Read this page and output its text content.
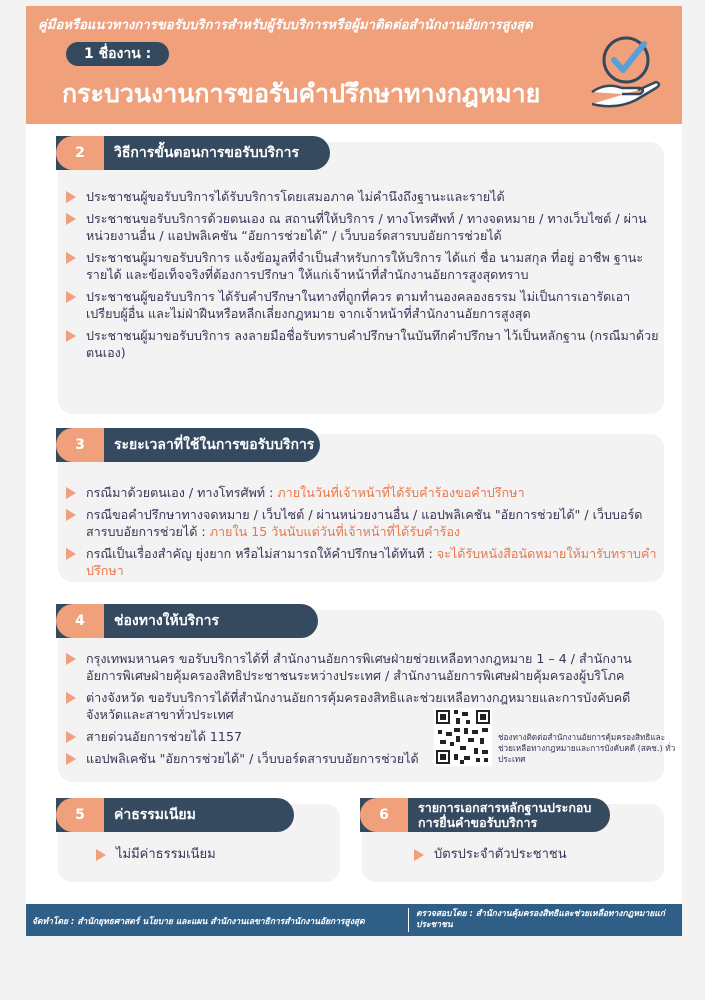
คู่มือหรือแนวทางการขอรับบริการสำหรับผู้รับบริการหรือผู้มาติดต่อสำนักงานอัยการสูงสุด
1 ชื่องาน :
กระบวนงานการขอรับคำปรึกษาทางกฎหมาย
2	วิธีการขั้นตอนการขอรับบริการ
ประชาชนผู้ขอรับบริการได้รับบริการโดยเสมอภาค ไม่คำนึงถึงฐานะและรายได้
ประชาชนขอรับบริการด้วยตนเอง ณ สถานที่ให้บริการ / ทางโทรศัพท์ / ทางจดหมาย / ทางเว็บไซต์ / ผ่านหน่วยงานอื่น / แอปพลิเคชัน “อัยการช่วยได้” / เว็บบอร์ดสารบบอัยการช่วยได้
ประชาชนผู้มาขอรับบริการ แจ้งข้อมูลที่จำเป็นสำหรับการให้บริการ ได้แก่ ชื่อ นามสกุล ที่อยู่ อาชีพ ฐานะ รายได้ และข้อเท็จจริงที่ต้องการปรึกษา ให้แก่เจ้าหน้าที่สำนักงานอัยการสูงสุดทราบ
ประชาชนผู้ขอรับบริการ ได้รับคำปรึกษาในทางที่ถูกที่ควร ตามทำนองคลองธรรม ไม่เป็นการเอารัดเอาเปรียบผู้อื่น และไม่ฝ่าฝืนหรือหลีกเลี่ยงกฎหมาย จากเจ้าหน้าที่สำนักงานอัยการสูงสุด
ประชาชนผู้มาขอรับบริการ ลงลายมือชื่อรับทราบคำปรึกษาในบันทึกคำปรึกษา ไว้เป็นหลักฐาน (กรณีมาด้วยตนเอง)
3	ระยะเวลาที่ใช้ในการขอรับบริการ
กรณีมาด้วยตนเอง / ทางโทรศัพท์ : ภายในวันที่เจ้าหน้าที่ได้รับคำร้องขอคำปรึกษา
กรณีขอคำปรึกษาทางจดหมาย / เว็บไซต์ / ผ่านหน่วยงานอื่น / แอปพลิเคชัน "อัยการช่วยได้" / เว็บบอร์ดสารบบอัยการช่วยได้ : ภายใน 15 วันนับแต่วันที่เจ้าหน้าที่ได้รับคำร้อง
กรณีเป็นเรื่องสำคัญ ยุ่งยาก หรือไม่สามารถให้คำปรึกษาได้ทันที : จะได้รับหนังสือนัดหมายให้มารับทราบคำปรึกษา
4	ช่องทางให้บริการ
กรุงเทพมหานคร ขอรับบริการได้ที่ สำนักงานอัยการพิเศษฝ่ายช่วยเหลือทางกฎหมาย 1 – 4 / สำนักงานอัยการพิเศษฝ่ายคุ้มครองสิทธิประชาชนระหว่างประเทศ / สำนักงานอัยการพิเศษฝ่ายคุ้มครองผู้บริโภค
ต่างจังหวัด ขอรับบริการได้ที่สำนักงานอัยการคุ้มครองสิทธิและช่วยเหลือทางกฎหมายและการบังคับคดีจังหวัดและสาขาทั่วประเทศ
สายด่วนอัยการช่วยได้ 1157
แอปพลิเคชัน "อัยการช่วยได้" / เว็บบอร์ดสารบบอัยการช่วยได้
ช่องทางติดต่อสำนักงานอัยการคุ้มครองสิทธิและช่วยเหลือทางกฎหมายและการบังคับคดี (สคช.) ทั่วประเทศ
5	ค่าธรรมเนียม
ไม่มีค่าธรรมเนียม
6	รายการเอกสารหลักฐานประกอบการยื่นคำขอรับบริการ
บัตรประจำตัวประชาชน
จัดทำโดย : สำนักยุทธศาสตร์ นโยบาย และแผน สำนักงานเลขาธิการสำนักงานอัยการสูงสุด
ตรวจสอบโดย : สำนักงานคุ้มครองสิทธิและช่วยเหลือทางกฎหมายแก่ประชาชน
